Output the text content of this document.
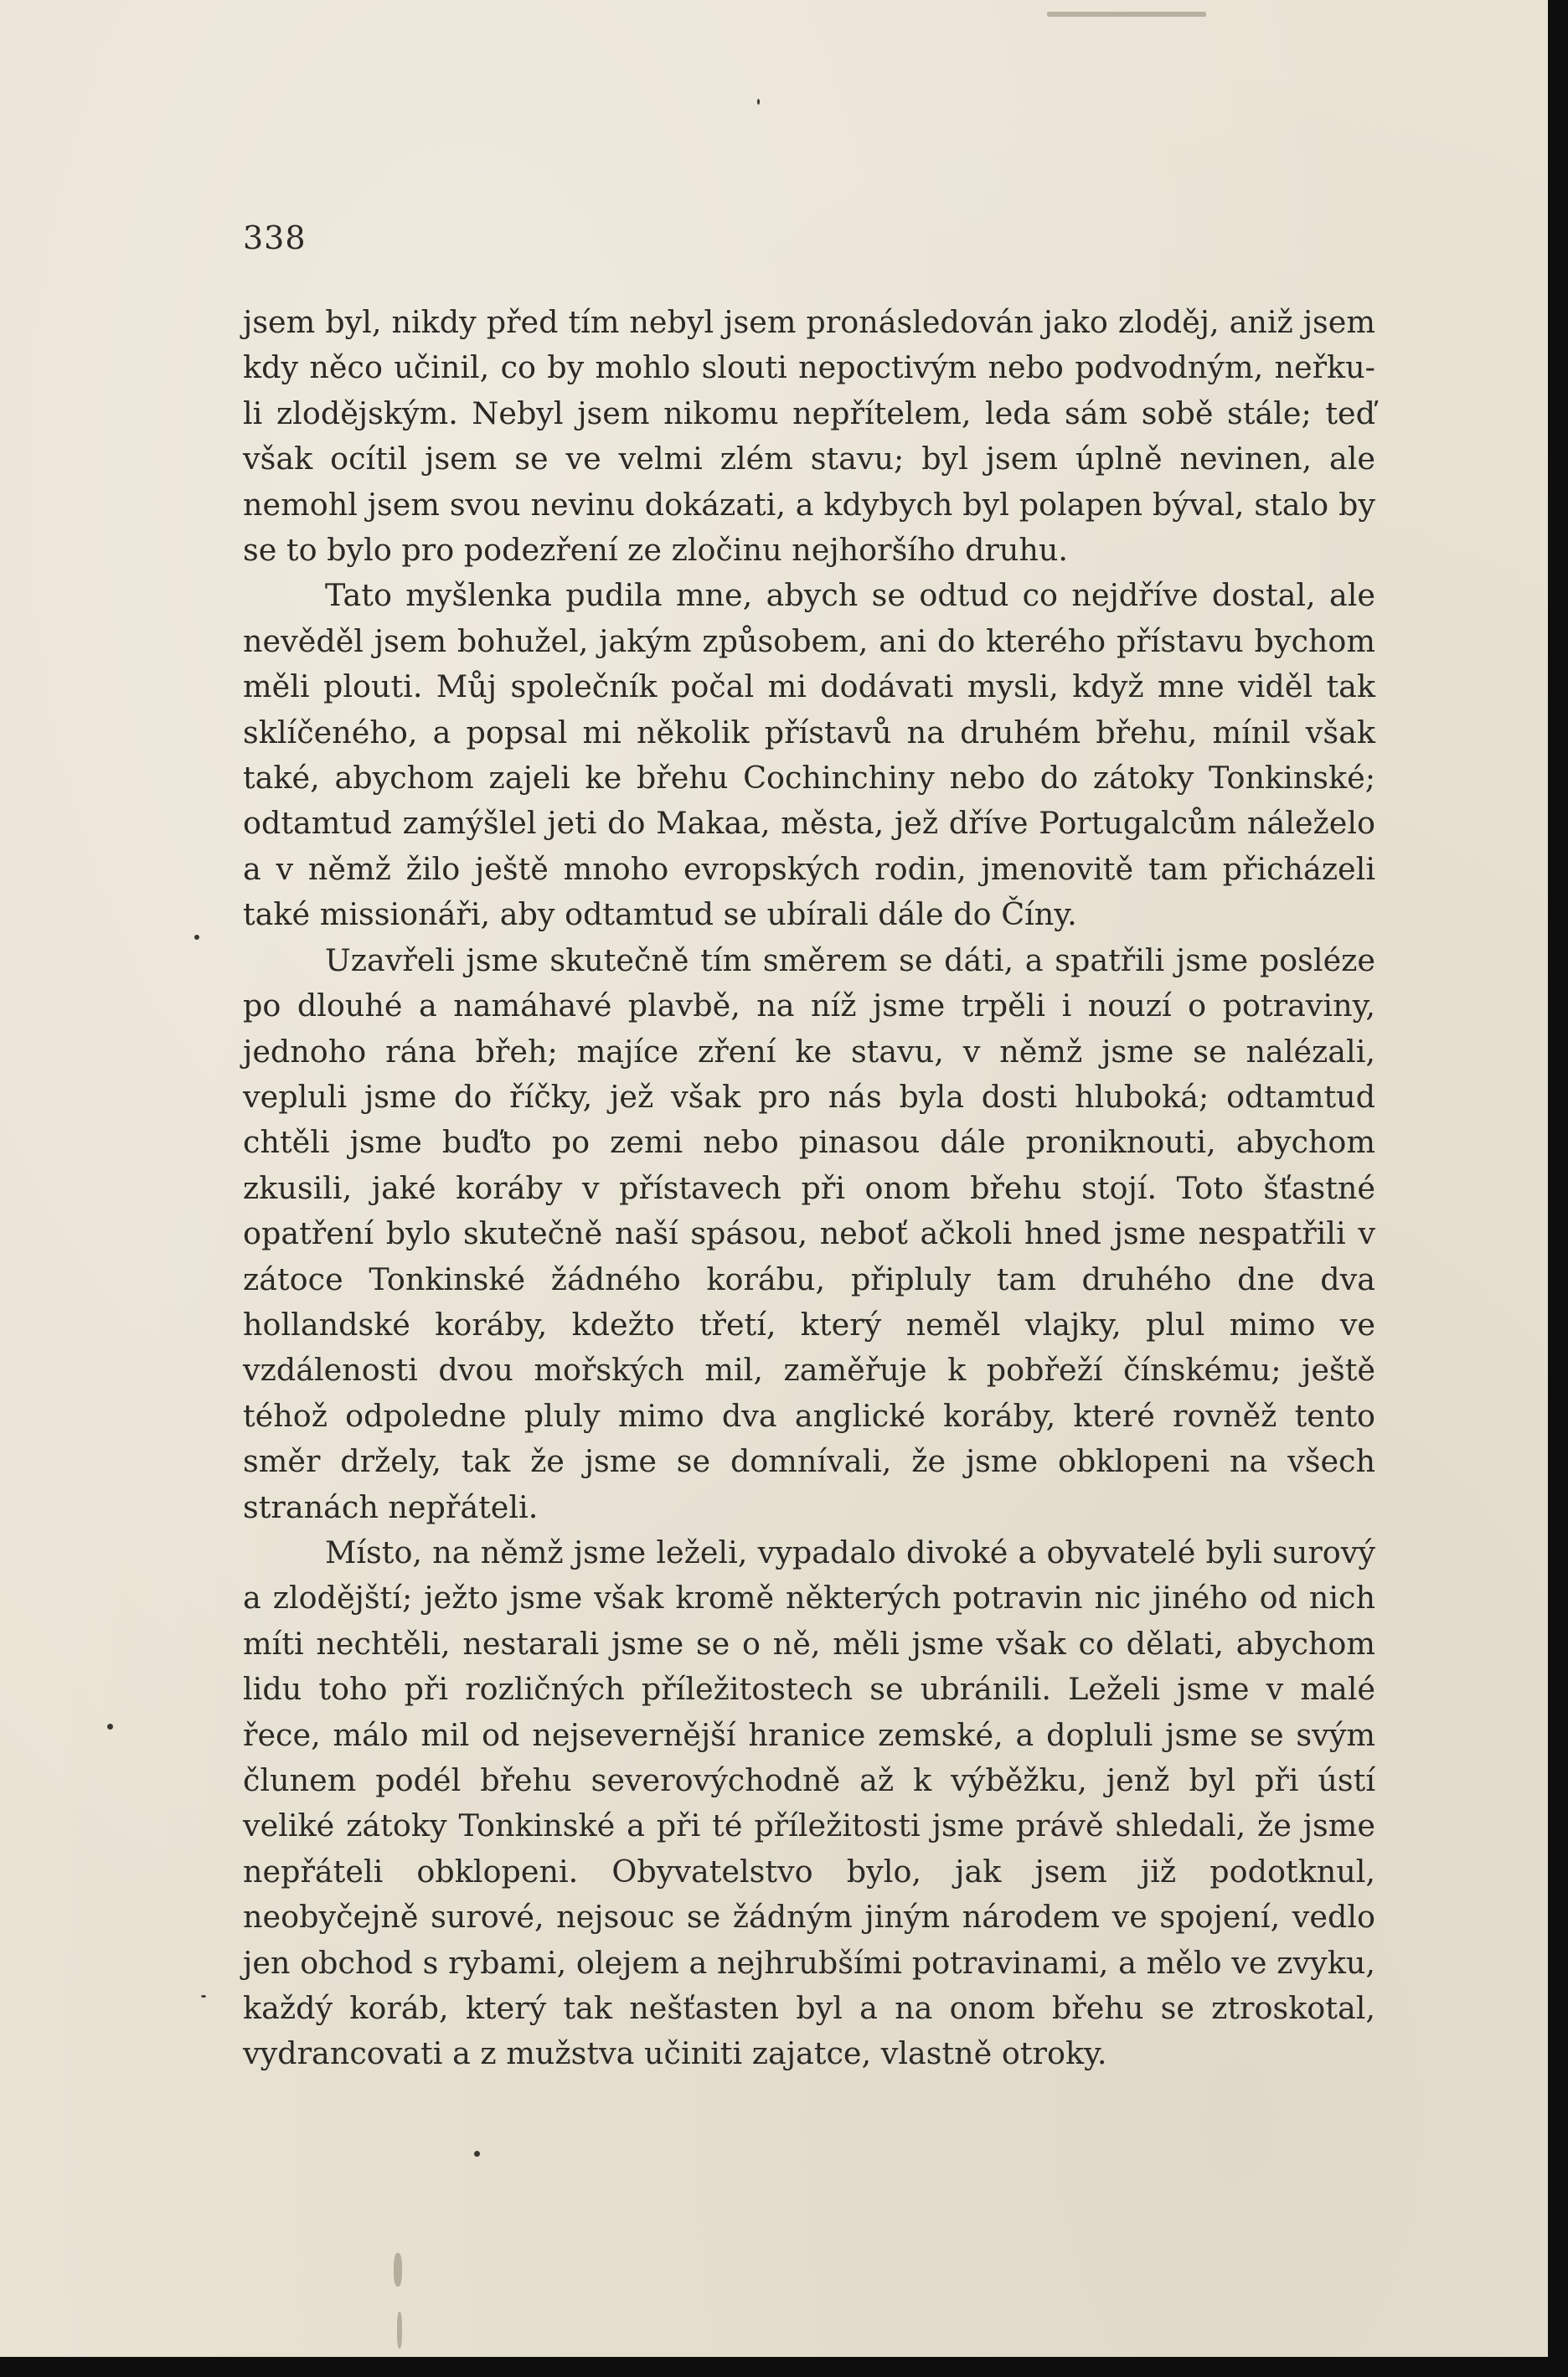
338

jsem byl, nikdy před tím nebyl jsem pronásledován jako zloděj, aniž jsem kdy něco učinil, co by mohlo slouti nepoctivým nebo podvodným, neřku-li zlodějským. Nebyl jsem nikomu nepřítelem, leda sám sobě stále; teď však ocítil jsem se ve velmi zlém stavu; byl jsem úplně nevinen, ale nemohl jsem svou nevinu dokázati, a kdybych byl polapen býval, stalo by se to bylo pro podezření ze zločinu nejhoršího druhu.

Tato myšlenka pudila mne, abych se odtud co nejdříve dostal, ale nevěděl jsem bohužel, jakým způsobem, ani do kterého přístavu bychom měli plouti. Můj společník počal mi dodávati mysli, když mne viděl tak sklíčeného, a popsal mi několik přístavů na druhém břehu, mínil však také, abychom zajeli ke břehu Cochinchiny nebo do zátoky Tonkinské; odtamtud zamýšlel jeti do Makaa, města, jež dříve Portugalcům náleželo a v němž žilo ještě mnoho evropských rodin, jmenovitě tam přicházeli také missionáři, aby odtamtud se ubírali dále do Číny.

Uzavřeli jsme skutečně tím směrem se dáti, a spatřili jsme posléze po dlouhé a namáhavé plavbě, na níž jsme trpěli i nouzí o potraviny, jednoho rána břeh; majíce zření ke stavu, v němž jsme se nalézali, vepluli jsme do říčky, jež však pro nás byla dosti hluboká; odtamtud chtěli jsme buďto po zemi nebo pinasou dále proniknouti, abychom zkusili, jaké koráby v přístavech při onom břehu stojí. Toto šťastné opatření bylo skutečně naší spásou, neboť ačkoli hned jsme nespatřili v zátoce Tonkinské žádného korábu, připluly tam druhého dne dva hollandské koráby, kdežto třetí, který neměl vlajky, plul mimo ve vzdálenosti dvou mořských mil, zaměřuje k pobřeží čínskému; ještě téhož odpoledne pluly mimo dva anglické koráby, které rovněž tento směr držely, tak že jsme se domnívali, že jsme obklopeni na všech stranách nepřáteli.

Místo, na němž jsme leželi, vypadalo divoké a obyvatelé byli surový a zlodějští; ježto jsme však kromě některých potravin nic jiného od nich míti nechtěli, nestarali jsme se o ně, měli jsme však co dělati, abychom lidu toho při rozličných příležitostech se ubránili. Leželi jsme v malé řece, málo mil od nejsevernější hranice zemské, a dopluli jsme se svým člunem podél břehu severovýchodně až k výběžku, jenž byl při ústí veliké zátoky Tonkinské a při té příležitosti jsme právě shledali, že jsme nepřáteli obklopeni. Obyvatelstvo bylo, jak jsem již podotknul, neobyčejně surové, nejsouc se žádným jiným národem ve spojení, vedlo jen obchod s rybami, olejem a nejhrubšími potravinami, a mělo ve zvyku, každý koráb, který tak nešťasten byl a na onom břehu se ztroskotal, vydrancovati a z mužstva učiniti zajatce, vlastně otroky.
